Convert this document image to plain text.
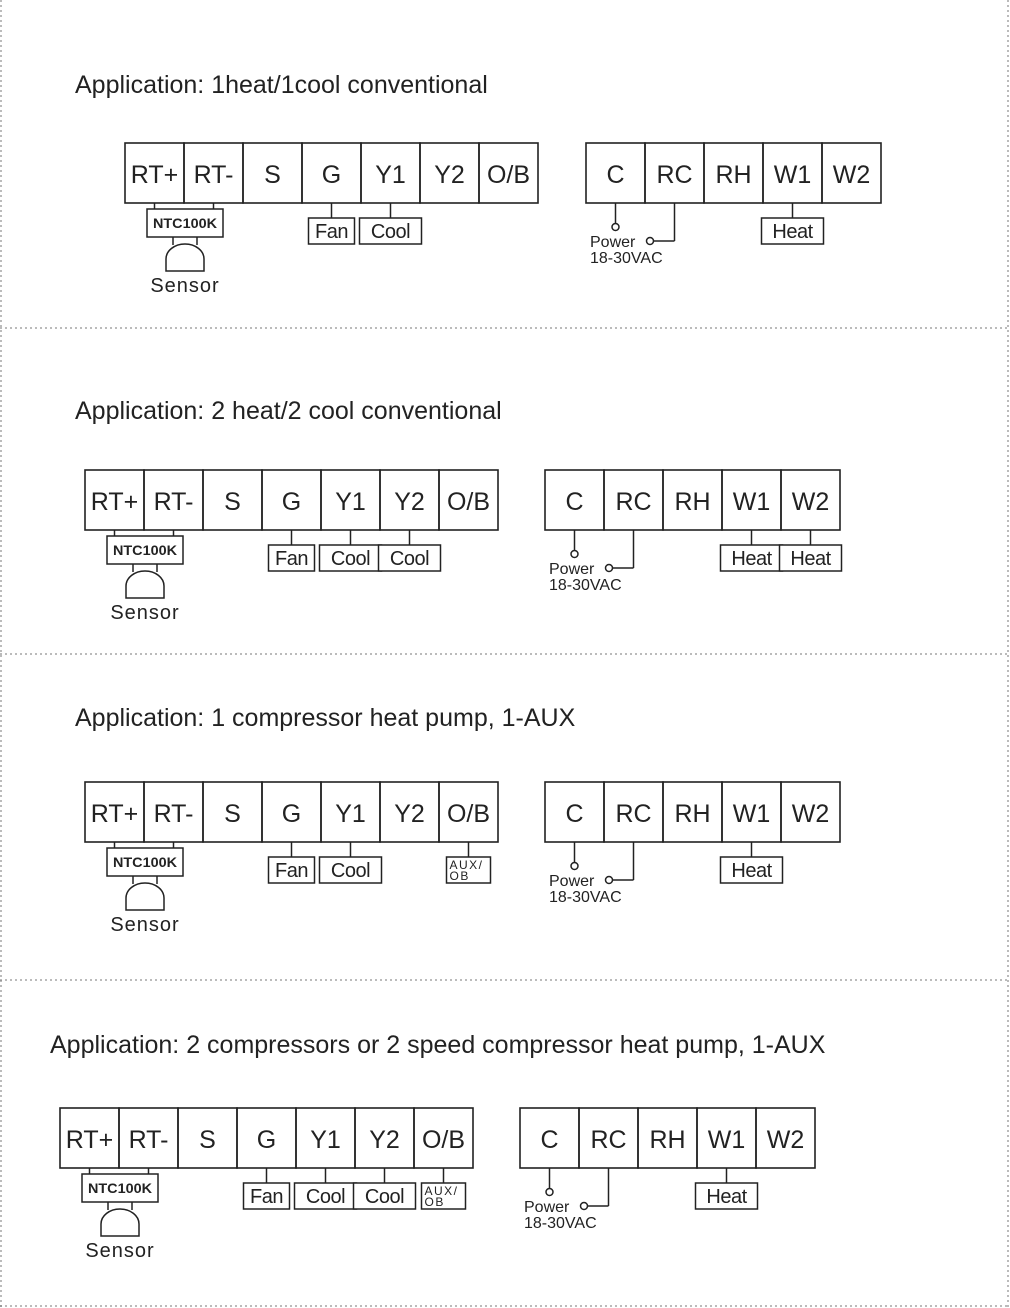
Application: 1heat/1cool conventional
RT+ RT- S G Y1 Y2 O/B	C RC RH W1 W2
NTC100K
Sensor
Fan Cool	Heat
Power
18-30VAC
Application: 2 heat/2 cool conventional
RT+ RT- S G Y1 Y2 O/B	C RC RH W1 W2
NTC100K
Sensor
Fan Cool Cool	Heat Heat
Power
18-30VAC
Application: 1 compressor heat pump, 1-AUX
RT+ RT- S G Y1 Y2 O/B	C RC RH W1 W2
NTC100K
Sensor
Fan Cool	AUX/
OB	Heat
Power
18-30VAC
Application: 2 compressors or 2 speed compressor heat pump, 1-AUX
RT+ RT- S G Y1 Y2 O/B	C RC RH W1 W2
NTC100K
Sensor
Fan Cool Cool AUX/
OB	Heat
Power
18-30VAC
